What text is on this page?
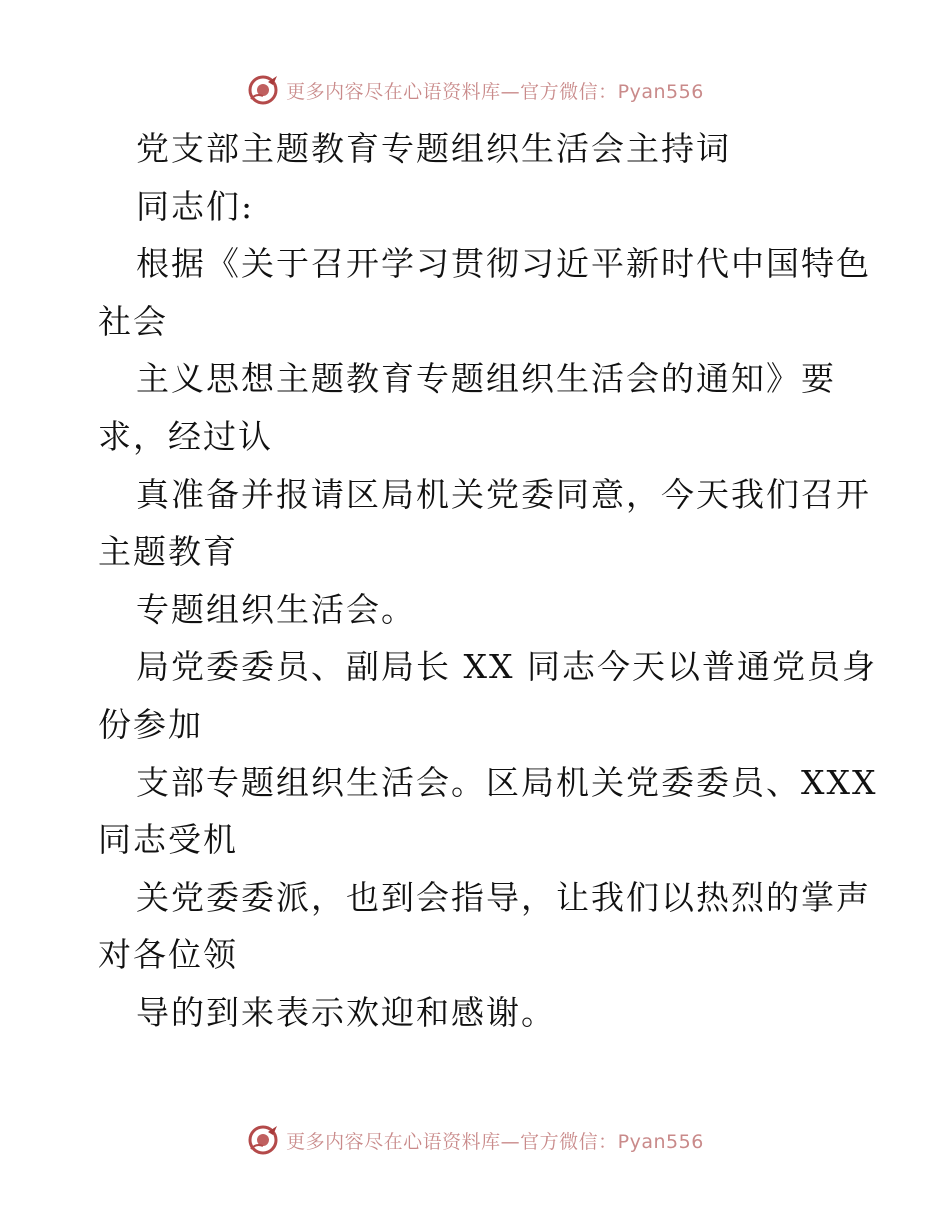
更多内容尽在心语资料库—官方微信：Pyan556
党支部主题教育专题组织生活会主持词
同志们:
根据《关于召开学习贯彻习近平新时代中国特色
社会
主义思想主题教育专题组织生活会的通知》要
求，经过认
真准备并报请区局机关党委同意，今天我们召开
主题教育
专题组织生活会。
局党委委员、副局长 XX 同志今天以普通党员身
份参加
支部专题组织生活会。区局机关党委委员、XXX
同志受机
关党委委派，也到会指导，让我们以热烈的掌声
对各位领
导的到来表示欢迎和感谢。
更多内容尽在心语资料库—官方微信：Pyan556
